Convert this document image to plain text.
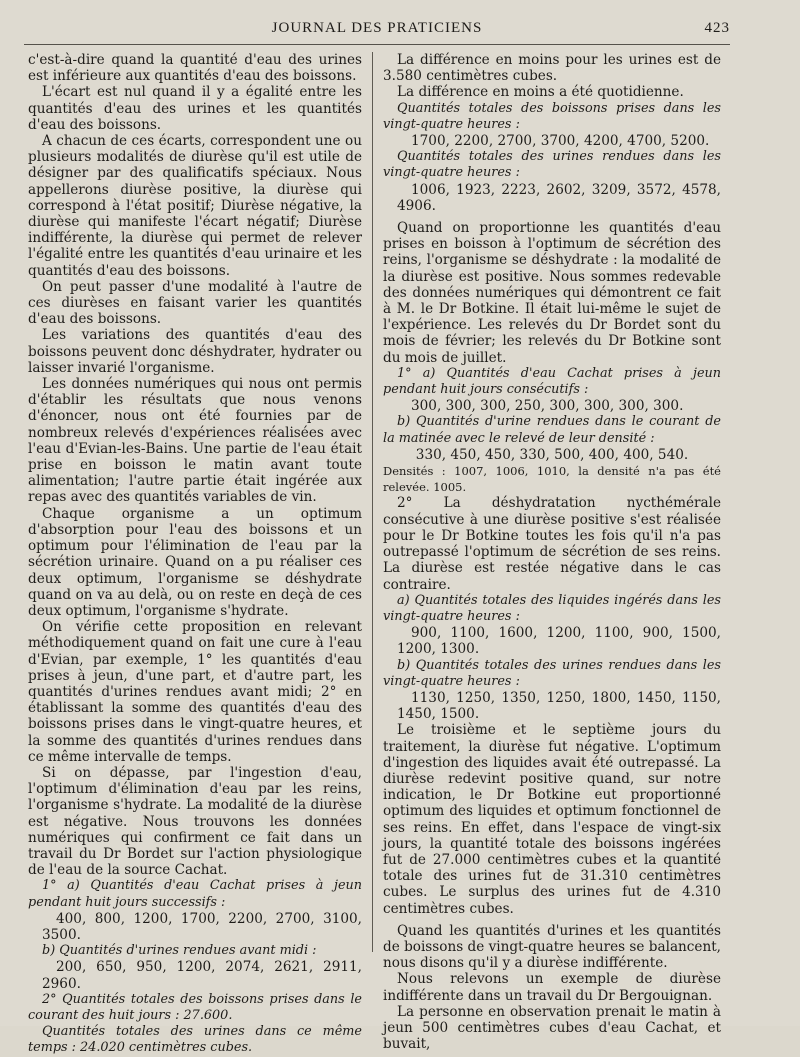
JOURNAL DES PRATICIENS	423

c'est-à-dire quand la quantité d'eau des urines est inférieure aux quantités d'eau des boissons.

L'écart est nul quand il y a égalité entre les quantités d'eau des urines et les quantités d'eau des boissons.

A chacun de ces écarts, correspondent une ou plusieurs modalités de diurèse qu'il est utile de désigner par des qualificatifs spéciaux. Nous appellerons diurèse positive, la diurèse qui correspond à l'état positif; Diurèse négative, la diurèse qui manifeste l'écart négatif; Diurèse indifférente, la diurèse qui permet de relever l'égalité entre les quantités d'eau urinaire et les quantités d'eau des boissons.

On peut passer d'une modalité à l'autre de ces diurèses en faisant varier les quantités d'eau des boissons.

Les variations des quantités d'eau des boissons peuvent donc déshydrater, hydrater ou laisser invarié l'organisme.

Les données numériques qui nous ont permis d'établir les résultats que nous venons d'énoncer, nous ont été fournies par de nombreux relevés d'expériences réalisées avec l'eau d'Evian-les-Bains. Une partie de l'eau était prise en boisson le matin avant toute alimentation; l'autre partie était ingérée aux repas avec des quantités variables de vin.

Chaque organisme a un optimum d'absorption pour l'eau des boissons et un optimum pour l'élimination de l'eau par la sécrétion urinaire. Quand on a pu réaliser ces deux optimum, l'organisme se déshydrate quand on va au delà, ou on reste en deçà de ces deux optimum, l'organisme s'hydrate.

On vérifie cette proposition en relevant méthodiquement quand on fait une cure à l'eau d'Evian, par exemple, 1° les quantités d'eau prises à jeun, d'une part, et d'autre part, les quantités d'urines rendues avant midi; 2° en établissant la somme des quantités d'eau des boissons prises dans le vingt-quatre heures, et la somme des quantités d'urines rendues dans ce même intervalle de temps.

Si on dépasse, par l'ingestion d'eau, l'optimum d'élimination d'eau par les reins, l'organisme s'hydrate. La modalité de la diurèse est négative. Nous trouvons les données numériques qui confirment ce fait dans un travail du Dr Bordet sur l'action physiologique de l'eau de la source Cachat.

1° a) Quantités d'eau Cachat prises à jeun pendant huit jours successifs :

400, 800, 1200, 1700, 2200, 2700, 3100, 3500.

b) Quantités d'urines rendues avant midi :

200, 650, 950, 1200, 2074, 2621, 2911, 2960.

2° Quantités totales des boissons prises dans le courant des huit jours : 27.600.

Quantités totales des urines dans ce même temps : 24.020 centimètres cubes.

La différence en moins pour les urines est de 3.580 centimètres cubes.

La différence en moins a été quotidienne.

Quantités totales des boissons prises dans les vingt-quatre heures :

1700, 2200, 2700, 3700, 4200, 4700, 5200.

Quantités totales des urines rendues dans les vingt-quatre heures :

1006, 1923, 2223, 2602, 3209, 3572, 4578, 4906.

Quand on proportionne les quantités d'eau prises en boisson à l'optimum de sécrétion des reins, l'organisme se déshydrate : la modalité de la diurèse est positive. Nous sommes redevable des données numériques qui démontrent ce fait à M. le Dr Botkine. Il était lui-même le sujet de l'expérience. Les relevés du Dr Bordet sont du mois de février; les relevés du Dr Botkine sont du mois de juillet.

1° a) Quantités d'eau Cachat prises à jeun pendant huit jours consécutifs :

300, 300, 300, 250, 300, 300, 300, 300.

b) Quantités d'urine rendues dans le courant de la matinée avec le relevé de leur densité :

330, 450, 450, 330, 500, 400, 400, 540.

Densités : 1007, 1006, 1010, la densité n'a pas été relevée. 1005.

2° La déshydratation nycthémérale consécutive à une diurèse positive s'est réalisée pour le Dr Botkine toutes les fois qu'il n'a pas outrepassé l'optimum de sécrétion de ses reins. La diurèse est restée négative dans le cas contraire.

a) Quantités totales des liquides ingérés dans les vingt-quatre heures :

900, 1100, 1600, 1200, 1100, 900, 1500, 1200, 1300.

b) Quantités totales des urines rendues dans les vingt-quatre heures :

1130, 1250, 1350, 1250, 1800, 1450, 1150, 1450, 1500.

Le troisième et le septième jours du traitement, la diurèse fut négative. L'optimum d'ingestion des liquides avait été outrepassé. La diurèse redevint positive quand, sur notre indication, le Dr Botkine eut proportionné optimum des liquides et optimum fonctionnel de ses reins. En effet, dans l'espace de vingt-six jours, la quantité totale des boissons ingérées fut de 27.000 centimètres cubes et la quantité totale des urines fut de 31.310 centimètres cubes. Le surplus des urines fut de 4.310 centimètres cubes.

Quand les quantités d'urines et les quantités de boissons de vingt-quatre heures se balancent, nous disons qu'il y a diurèse indifférente.

Nous relevons un exemple de diurèse indifférente dans un travail du Dr Bergouignan.

La personne en observation prenait le matin à jeun 500 centimètres cubes d'eau Cachat, et buvait,
